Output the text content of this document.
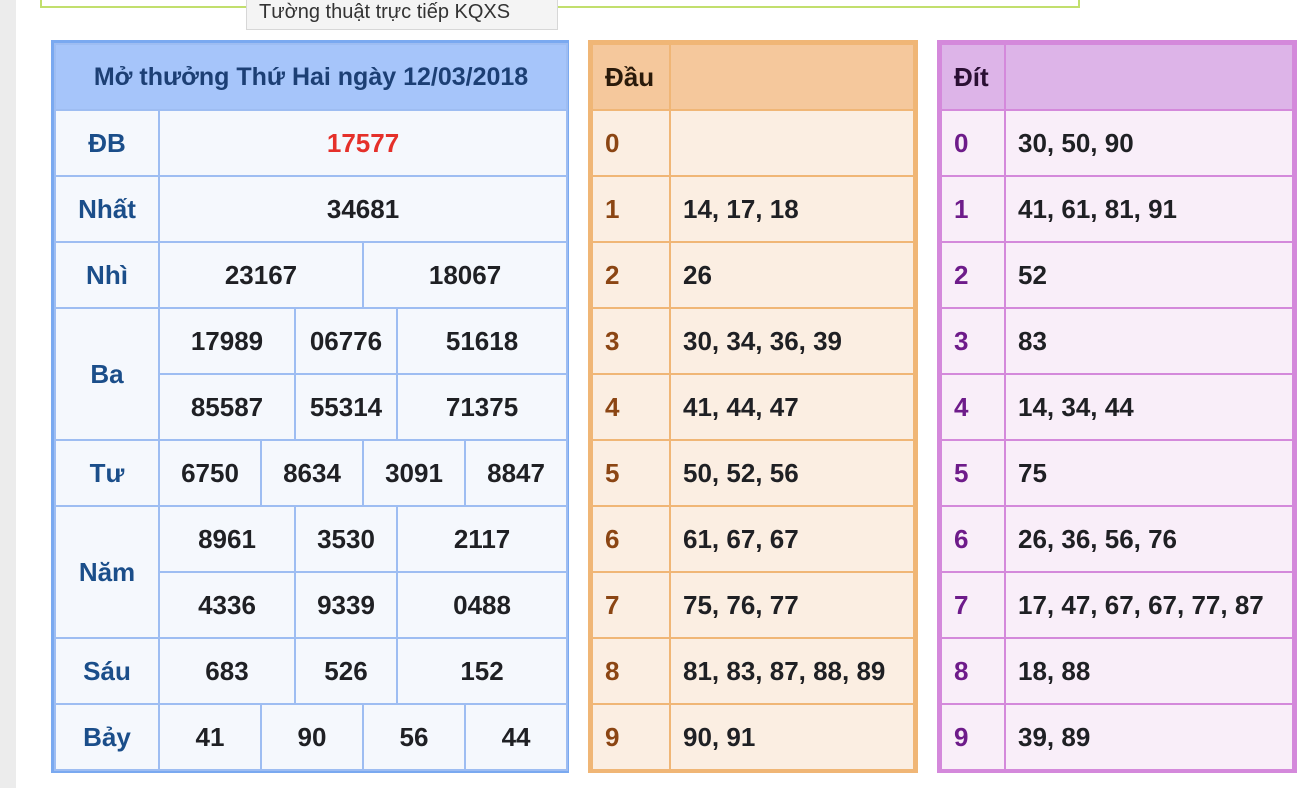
Tường thuật trực tiếp KQXS
Mở thưởng Thứ Hai ngày 12/03/2018						
ĐB	17577					
Nhất	34681					
Nhì	23167			18067		
Ba	17989		06776		51618	
	85587		55314		71375	
Tư	6750	8634		3091		8847
Năm	8961		3530		2117	
	4336		9339		0488	
Sáu	683		526		152	
Bảy	41	90		56		44
Đầu	
0	
1	14, 17, 18
2	26
3	30, 34, 36, 39
4	41, 44, 47
5	50, 52, 56
6	61, 67, 67
7	75, 76, 77
8	81, 83, 87, 88, 89
9	90, 91
Đít	
0	30, 50, 90
1	41, 61, 81, 91
2	52
3	83
4	14, 34, 44
5	75
6	26, 36, 56, 76
7	17, 47, 67, 67, 77, 87
8	18, 88
9	39, 89
